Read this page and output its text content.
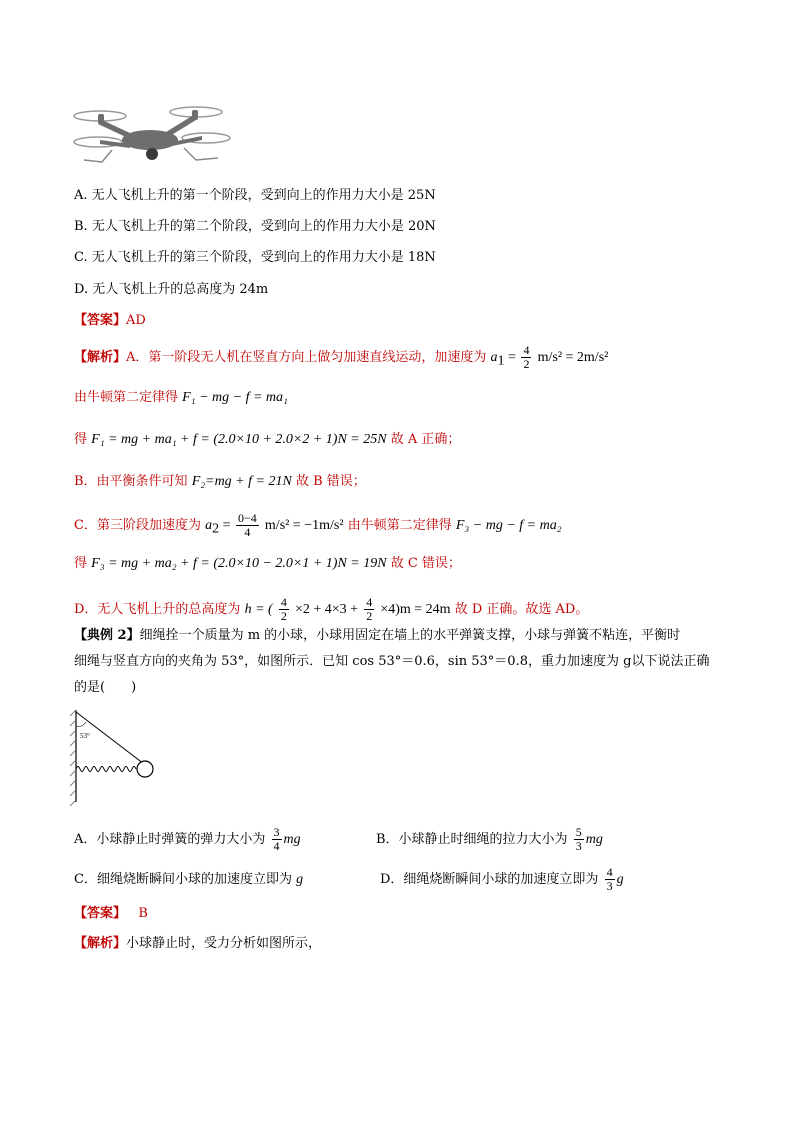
A. 无人飞机上升的第一个阶段，受到向上的作用力大小是 25N
B. 无人飞机上升的第二个阶段，受到向上的作用力大小是 20N
C. 无人飞机上升的第三个阶段，受到向上的作用力大小是 18N
D. 无人飞机上升的总高度为 24m
【答案】AD
【解析】A．第一阶段无人机在竖直方向上做匀加速直线运动，加速度为 $a_1 = \frac{4}{2} m/s^2 = 2m/s^2$
由牛顿第二定律得 F₁ − mg − f = ma₁
得 F₁ = mg + ma₁ + f = (2.0×10 + 2.0×2 + 1)N = 25N 故 A 正确；
B．由平衡条件可知 F₂=mg + f = 21N 故 B 错误；
C．第三阶段加速度为 $a_2 = \frac{0-4}{4} m/s^2 = -1m/s^2$ 由牛顿第二定律得 F₃ − mg − f = ma₂
得 F₃ = mg + ma₂ + f = (2.0×10 − 2.0×1 + 1)N = 19N 故 C 错误；
D．无人飞机上升的总高度为 h = ( $\frac{4}{2} \times 2 + 4\times 3 + \frac{4}{2} \times 4)m = 24m$ 故 D 正确。故选 AD。
【典例 2】细绳拴一个质量为 m 的小球，小球用固定在墙上的水平弹簧支撑，小球与弹簧不粘连，平衡时
细绳与竖直方向的夹角为 53°，如图所示．已知 cos 53°＝0.6，sin 53°＝0.8，重力加速度为 g以下说法正确
的是(　　)
53°
A．小球静止时弹簧的弹力大小为 $\frac{3}{4}$ mg	B．小球静止时细绳的拉力大小为 $\frac{5}{3}$ mg
C．细绳烧断瞬间小球的加速度立即为 g	D．细绳烧断瞬间小球的加速度立即为 $\frac{4}{3}$ g
【答案】 B
【解析】小球静止时，受力分析如图所示，
